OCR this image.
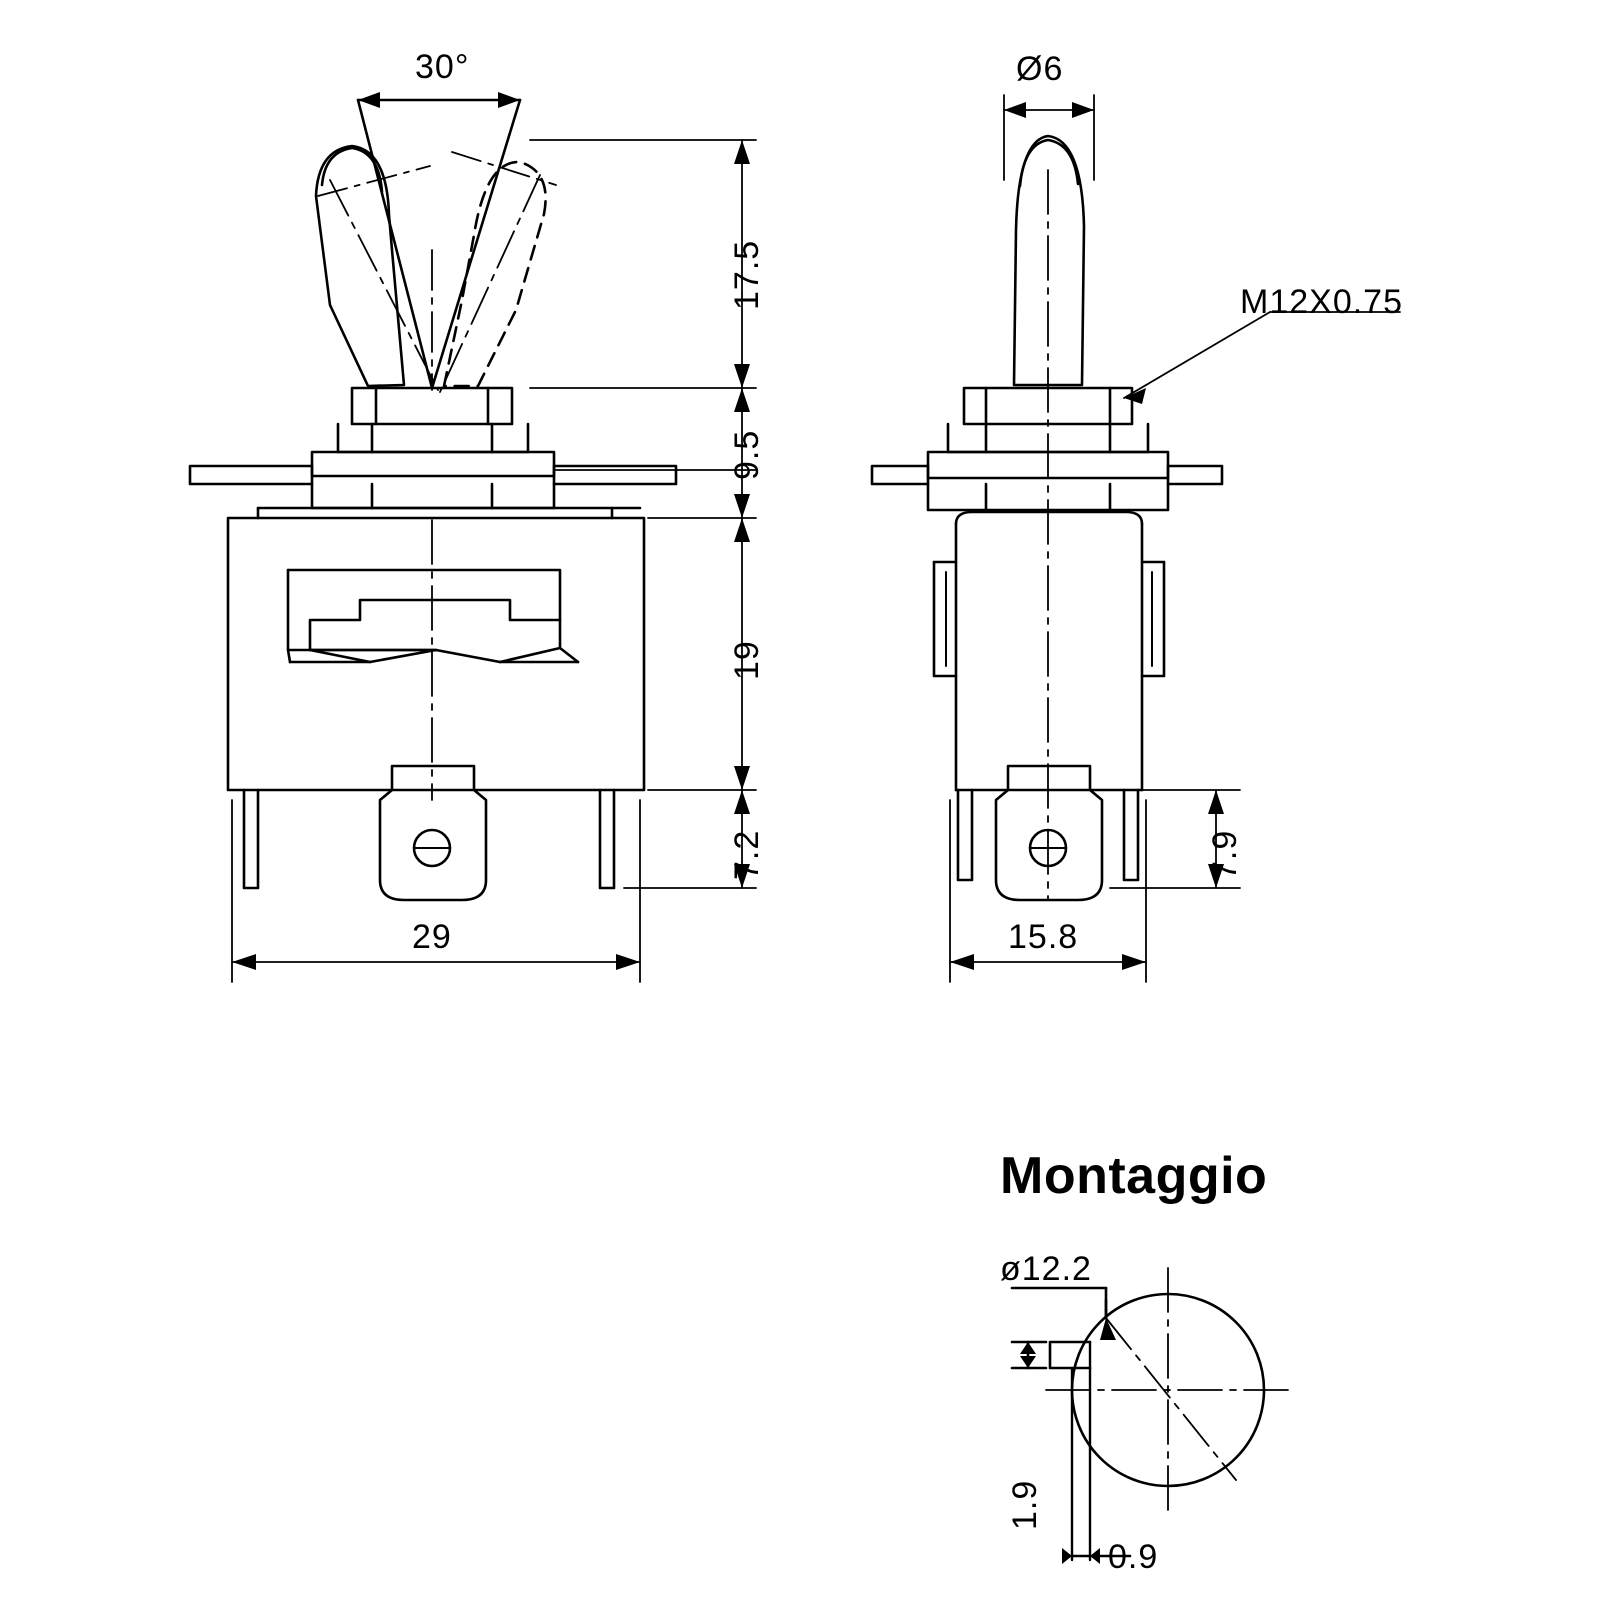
30°
17.5
9.5
19
7.2
29
Ø6
M12X0.75
7.9
15.8
Montaggio
ø12.2
1.9
0.9
